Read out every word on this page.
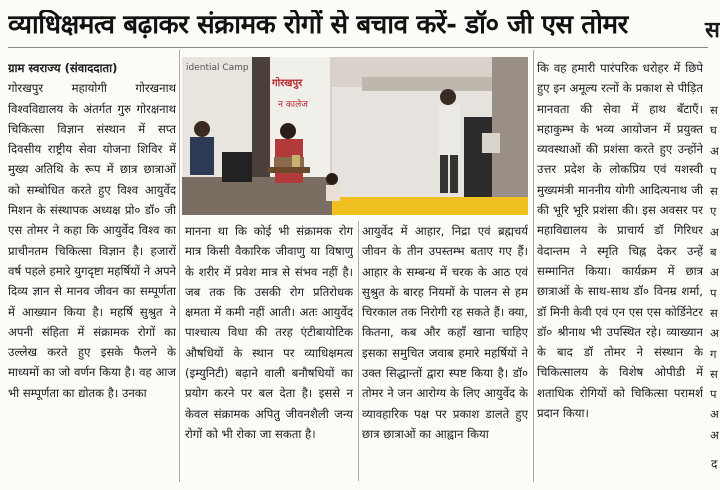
व्याधिक्षमत्व बढ़ाकर संक्रामक रोगों से बचाव करें- डॉ० जी एस तोमर	स
ग्राम स्वराज्य (संवाददाता)
गोरखपुर महायोगी गोरखनाथ विश्वविद्यालय के अंतर्गत गुरु गोरक्षनाथ चिकित्सा विज्ञान संस्थान में सप्त दिवसीय राष्ट्रीय सेवा योजना शिविर में मुख्य अतिथि के रूप में छात्र छात्राओं को सम्बोधित करते हुए विश्व आयुर्वेद मिशन के संस्थापक अध्यक्ष प्रो० डॉ० जी एस तोमर ने कहा कि आयुर्वेद विश्व का प्राचीनतम चिकित्सा विज्ञान है। हजारों वर्ष पहले हमारे युगदृष्टा महर्षियों ने अपने दिव्य ज्ञान से मानव जीवन का सम्पूर्णता में आख्यान किया है। महर्षि सुश्रुत ने अपनी संहिता में संक्रामक रोगों का उल्लेख करते हुए इसके फैलने के माध्यमों का जो वर्णन किया है। वह आज भी सम्पूर्णता का द्योतक है। उनका
idential Camp
गोरखपुर
न कालेज
मानना था कि कोई भी संक्रामक रोग मात्र किसी वैकारिक जीवाणु या विषाणु के शरीर में प्रवेश मात्र से संभव नहीं है। जब तक कि उसकी रोग प्रतिरोधक क्षमता में कमी नहीं आती। अतः आयुर्वेद पाश्चात्य विधा की तरह एंटीबायोटिक औषधियों के स्थान पर व्याधिक्षमत्व (इम्युनिटी) बढ़ाने वाली बनौषधियों का प्रयोग करने पर बल देता है। इससे न केवल संक्रामक अपितु जीवनशैली जन्य रोगों को भी रोका जा सकता है।
आयुर्वेद में आहार, निद्रा एवं ब्रह्मचर्य जीवन के तीन उपस्तम्भ बताए गए हैं। आहार के सम्बन्ध में चरक के आठ एवं सुश्रुत के बारह नियमों के पालन से हम चिरकाल तक निरोगी रह सकते हैं। क्या, कितना, कब और कहाँ खाना चाहिए इसका समुचित जवाब हमारे महर्षियों ने उक्त सिद्धान्तों द्वारा स्पष्ट किया है। डॉ० तोमर ने जन आरोग्य के लिए आयुर्वेद के व्यावहारिक पक्ष पर प्रकाश डालते हुए छात्र छात्राओं का आह्वान किया
कि वह हमारी पारंपरिक धरोहर में छिपे हुए इन अमूल्य रत्नों के प्रकाश से पीड़ित मानवता की सेवा में हाथ बँटाएँ। महाकुम्भ के भव्य आयोजन में प्रयुक्त व्यवस्थाओं की प्रशंसा करते हुए उन्होंने उत्तर प्रदेश के लोकप्रिय एवं यशस्वी मुख्यमंत्री माननीय योगी आदित्यनाथ जी की भूरि भूरि प्रशंसा की। इस अवसर पर महाविद्यालय के प्राचार्य डॉ गिरिधर वेदान्तम ने स्मृति चिह्न देकर उन्हें सम्मानित किया। कार्यक्रम में छात्र छात्राओं के साथ-साथ डॉ० विनम्र शर्मा, डॉ मिनी केवी एवं एन एस एस कोर्डिनेटर डॉ० श्रीनाथ भी उपस्थित रहे। व्याख्यान के बाद डॉ तोमर ने संस्थान के चिकित्सालय के विशेष ओपीडी में शताधिक रोगियों को चिकित्सा परामर्श प्रदान किया।
स
घ
अ
प
स
ए
अ
ब
अ
प
स
अ
ग
स
प
अ
अ
द
